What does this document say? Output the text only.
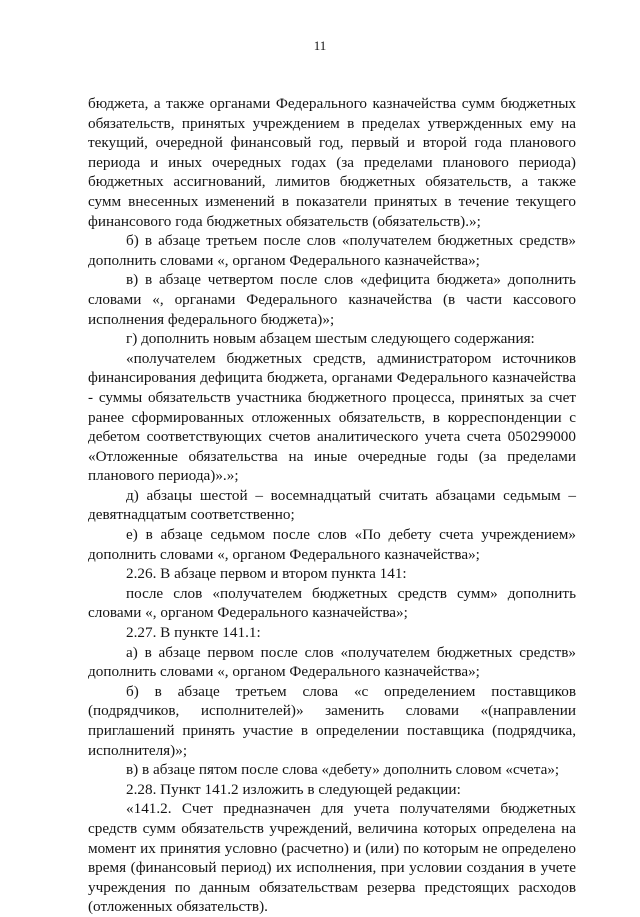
11

бюджета, а также органами Федерального казначейства сумм бюджетных обязательств, принятых учреждением в пределах утвержденных ему на текущий, очередной финансовый год, первый и второй года планового периода и иных очередных годах (за пределами планового периода) бюджетных ассигнований, лимитов бюджетных обязательств, а также сумм внесенных изменений в показатели принятых в течение текущего финансового года бюджетных обязательств (обязательств).»;

б) в абзаце третьем после слов «получателем бюджетных средств» дополнить словами «, органом Федерального казначейства»;

в) в абзаце четвертом после слов «дефицита бюджета» дополнить словами «, органами Федерального казначейства (в части кассового исполнения федерального бюджета)»;

г) дополнить новым абзацем шестым следующего содержания:

«получателем бюджетных средств, администратором источников финансирования дефицита бюджета, органами Федерального казначейства - суммы обязательств участника бюджетного процесса, принятых за счет ранее сформированных отложенных обязательств, в корреспонденции с дебетом соответствующих счетов аналитического учета счета 050299000 «Отложенные обязательства на иные очередные годы (за пределами планового периода)».»;

д) абзацы шестой – восемнадцатый считать абзацами седьмым – девятнадцатым соответственно;

е) в абзаце седьмом после слов «По дебету счета учреждением» дополнить словами «, органом Федерального казначейства»;

2.26. В абзаце первом и втором пункта 141:

после слов «получателем бюджетных средств сумм» дополнить словами «, органом Федерального казначейства»;

2.27. В пункте 141.1:

а) в абзаце первом после слов «получателем бюджетных средств» дополнить словами «, органом Федерального казначейства»;

б) в абзаце третьем слова «с определением поставщиков (подрядчиков, исполнителей)» заменить словами «(направлении приглашений принять участие в определении поставщика (подрядчика, исполнителя)»;

в) в абзаце пятом после слова «дебету» дополнить словом «счета»;

2.28. Пункт 141.2 изложить в следующей редакции:

«141.2. Счет предназначен для учета получателями бюджетных средств сумм обязательств учреждений, величина которых определена на момент их принятия условно (расчетно) и (или) по которым не определено время (финансовый период) их исполнения, при условии создания в учете учреждения по данным обязательствам резерва предстоящих расходов (отложенных обязательств).
